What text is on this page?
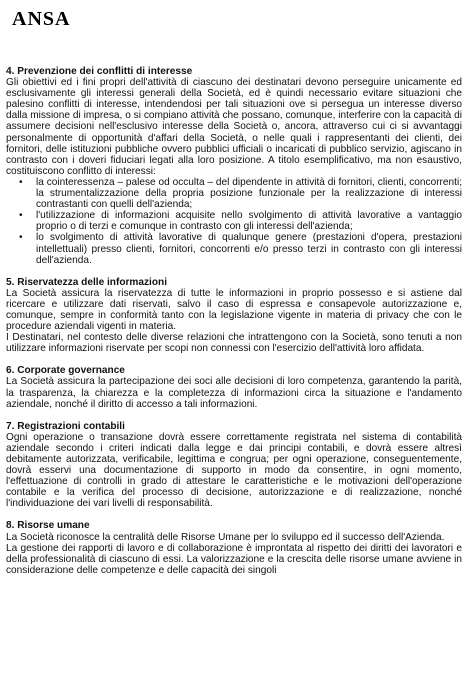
ANSA

4. Prevenzione dei conflitti di interesse

Gli obiettivi ed i fini propri dell'attività di ciascuno dei destinatari devono perseguire unicamente ed esclusivamente gli interessi generali della Società, ed è quindi necessario evitare situazioni che palesino conflitti di interesse, intendendosi per tali situazioni ove si persegua un interesse diverso dalla missione di impresa, o si compiano attività che possano, comunque, interferire con la capacità di assumere decisioni nell'esclusivo interesse della Società o, ancora, attraverso cui ci si avvantaggi personalmente di opportunità d'affari della Società, o nelle quali i rappresentanti dei clienti, dei fornitori, delle istituzioni pubbliche ovvero pubblici ufficiali o incaricati di pubblico servizio, agiscano in contrasto con i doveri fiduciari legati alla loro posizione. A titolo esemplificativo, ma non esaustivo, costituiscono conflitto di interessi:

• la cointeressenza – palese od occulta – del dipendente in attività di fornitori, clienti, concorrenti; la strumentalizzazione della propria posizione funzionale per la realizzazione di interessi contrastanti con quelli dell'azienda;
• l'utilizzazione di informazioni acquisite nello svolgimento di attività lavorative a vantaggio proprio o di terzi e comunque in contrasto con gli interessi dell'azienda;
• lo svolgimento di attività lavorative di qualunque genere (prestazioni d'opera, prestazioni intellettuali) presso clienti, fornitori, concorrenti e/o presso terzi in contrasto con gli interessi dell'azienda.

5. Riservatezza delle informazioni

La Società assicura la riservatezza di tutte le informazioni in proprio possesso e si astiene dal ricercare e utilizzare dati riservati, salvo il caso di espressa e consapevole autorizzazione e, comunque, sempre in conformità tanto con la legislazione vigente in materia di privacy che con le procedure aziendali vigenti in materia.

I Destinatari, nel contesto delle diverse relazioni che intrattengono con la Società, sono tenuti a non utilizzare informazioni riservate per scopi non connessi con l'esercizio dell'attività loro affidata.

6. Corporate governance

La Società assicura la partecipazione dei soci alle decisioni di loro competenza, garantendo la parità, la trasparenza, la chiarezza e la completezza di informazioni circa la situazione e l'andamento aziendale, nonché il diritto di accesso a tali informazioni.

7. Registrazioni contabili

Ogni operazione o transazione dovrà essere correttamente registrata nel sistema di contabilità aziendale secondo i criteri indicati dalla legge e dai principi contabili, e dovrà essere altresì debitamente autorizzata, verificabile, legittima e congrua; per ogni operazione, conseguentemente, dovrà esservi una documentazione di supporto in modo da consentire, in ogni momento, l'effettuazione di controlli in grado di attestare le caratteristiche e le motivazioni dell'operazione contabile e la verifica del processo di decisione, autorizzazione e di realizzazione, nonché l'individuazione dei vari livelli di responsabilità.

8. Risorse umane

La Società riconosce la centralità delle Risorse Umane per lo sviluppo ed il successo dell'Azienda.

La gestione dei rapporti di lavoro e di collaborazione è improntata al rispetto dei diritti dei lavoratori e della professionalità di ciascuno di essi. La valorizzazione e la crescita delle risorse umane avviene in considerazione delle competenze e delle capacità dei singoli
